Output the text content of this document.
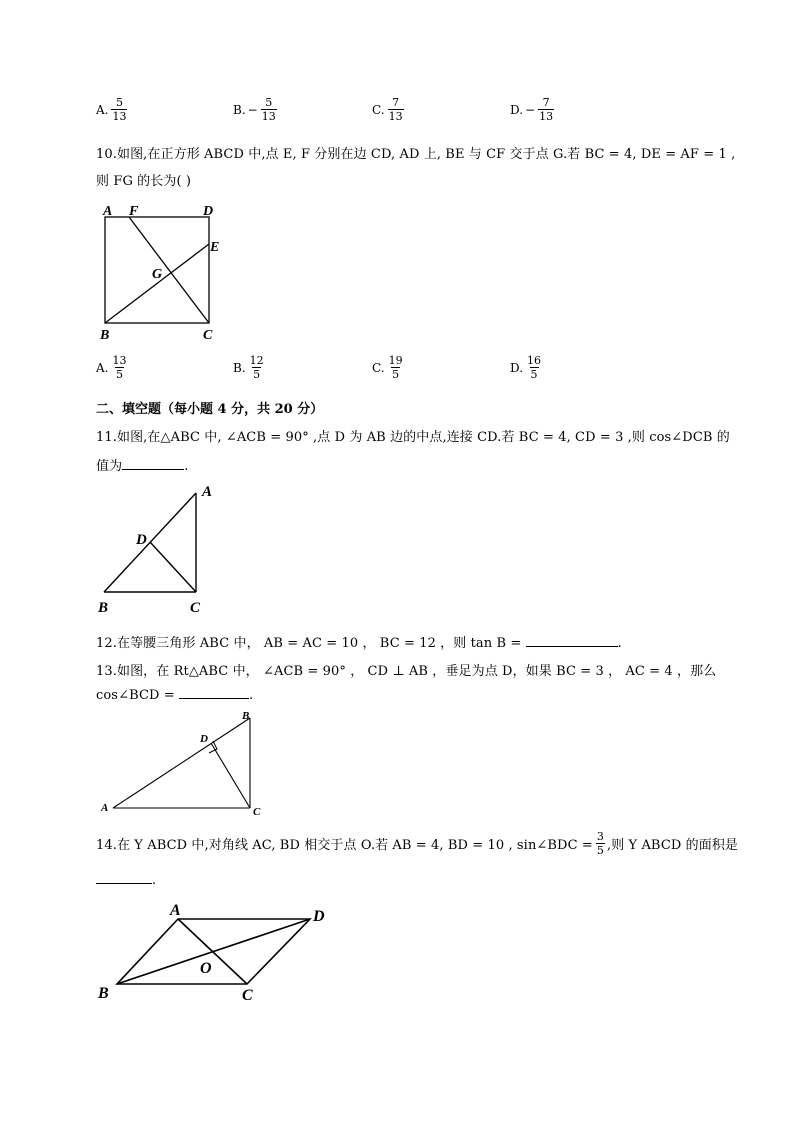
A. $\frac{5}{13}$	B. − $\frac{5}{13}$	C. $\frac{7}{13}$	D. − $\frac{7}{13}$
10.如图,在正方形 ABCD 中,点 E, F 分别在边 CD, AD 上, BE 与 CF 交于点 G.若 BC = 4, DE = AF = 1 ,
则 FG 的长为( )
A F	D
E
G
B	C
A. $\frac{13}{5}$	B. $\frac{12}{5}$	C. $\frac{19}{5}$	D. $\frac{16}{5}$
二、填空题（每小题 4 分，共 20 分）
11.如图,在△ABC 中, ∠ACB = 90° ,点 D 为 AB 边的中点,连接 CD.若 BC = 4, CD = 3 ,则 cos∠DCB 的
值为	.
A
D
B	C
12.在等腰三角形 ABC 中， AB = AC = 10 ， BC = 12 ，则 tan B =	.
13.如图，在 Rt△ABC 中， ∠ACB = 90° ， CD ⊥ AB ，垂足为点 D，如果 BC = 3 ， AC = 4 ，那么
cos∠BCD =	.
B
D
A	C
14.在 Y ABCD 中,对角线 AC, BD 相交于点 O.若 AB = 4, BD = 10 , sin∠BDC = $\frac{3}{5}$ ,则 Y ABCD 的面积是
.
A	D
O
B	C
